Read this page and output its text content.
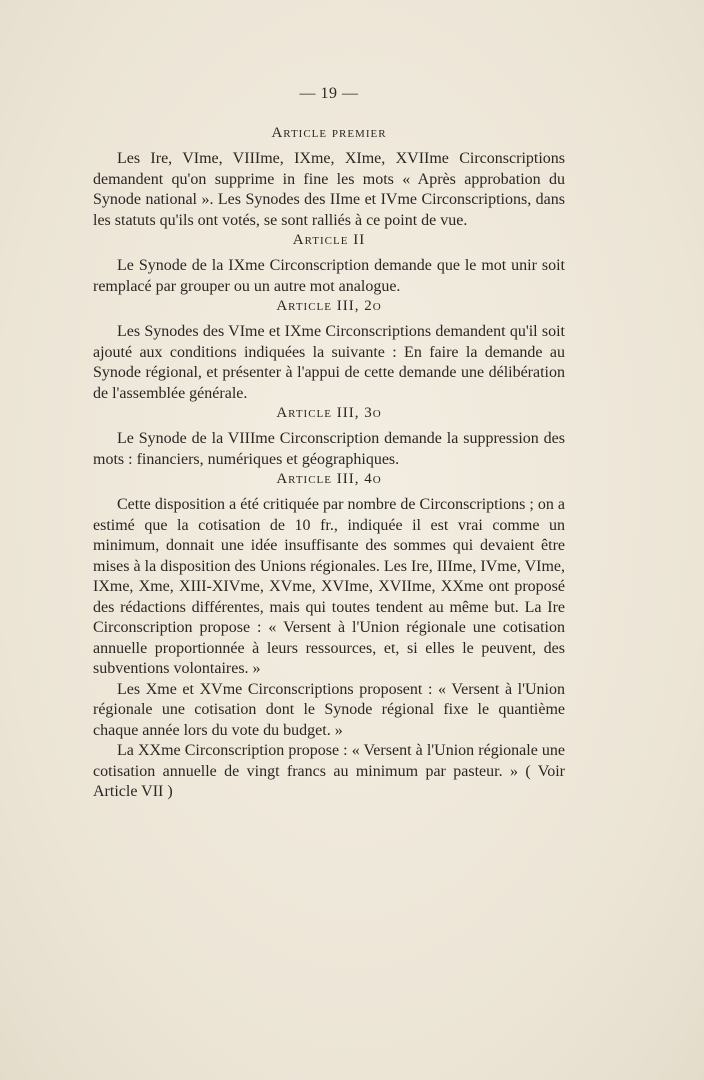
— 19 —
Article premier

Les Ire, VIme, VIIIme, IXme, XIme, XVIIme Circonscriptions demandent qu'on supprime in fine les mots « Après approbation du Synode national ». Les Synodes des IIme et IVme Circonscriptions, dans les statuts qu'ils ont votés, se sont ralliés à ce point de vue.

Article II

Le Synode de la IXme Circonscription demande que le mot unir soit remplacé par grouper ou un autre mot analogue.

Article III, 2o

Les Synodes des VIme et IXme Circonscriptions demandent qu'il soit ajouté aux conditions indiquées la suivante : En faire la demande au Synode régional, et présenter à l'appui de cette demande une délibération de l'assemblée générale.

Article III, 3o

Le Synode de la VIIIme Circonscription demande la suppression des mots : financiers, numériques et géographiques.

Article III, 4o

Cette disposition a été critiquée par nombre de Circonscriptions ; on a estimé que la cotisation de 10 fr., indiquée il est vrai comme un minimum, donnait une idée insuffisante des sommes qui devaient être mises à la disposition des Unions régionales. Les Ire, IIIme, IVme, VIme, IXme, Xme, XIII-XIVme, XVme, XVIme, XVIIme, XXme ont proposé des rédactions différentes, mais qui toutes tendent au même but. La Ire Circonscription propose : « Versent à l'Union régionale une cotisation annuelle proportionnée à leurs ressources, et, si elles le peuvent, des subventions volontaires. »

Les Xme et XVme Circonscriptions proposent : « Versent à l'Union régionale une cotisation dont le Synode régional fixe le quantième chaque année lors du vote du budget. »

La XXme Circonscription propose : « Versent à l'Union régionale une cotisation annuelle de vingt francs au minimum par pasteur. » ( Voir Article VII )
